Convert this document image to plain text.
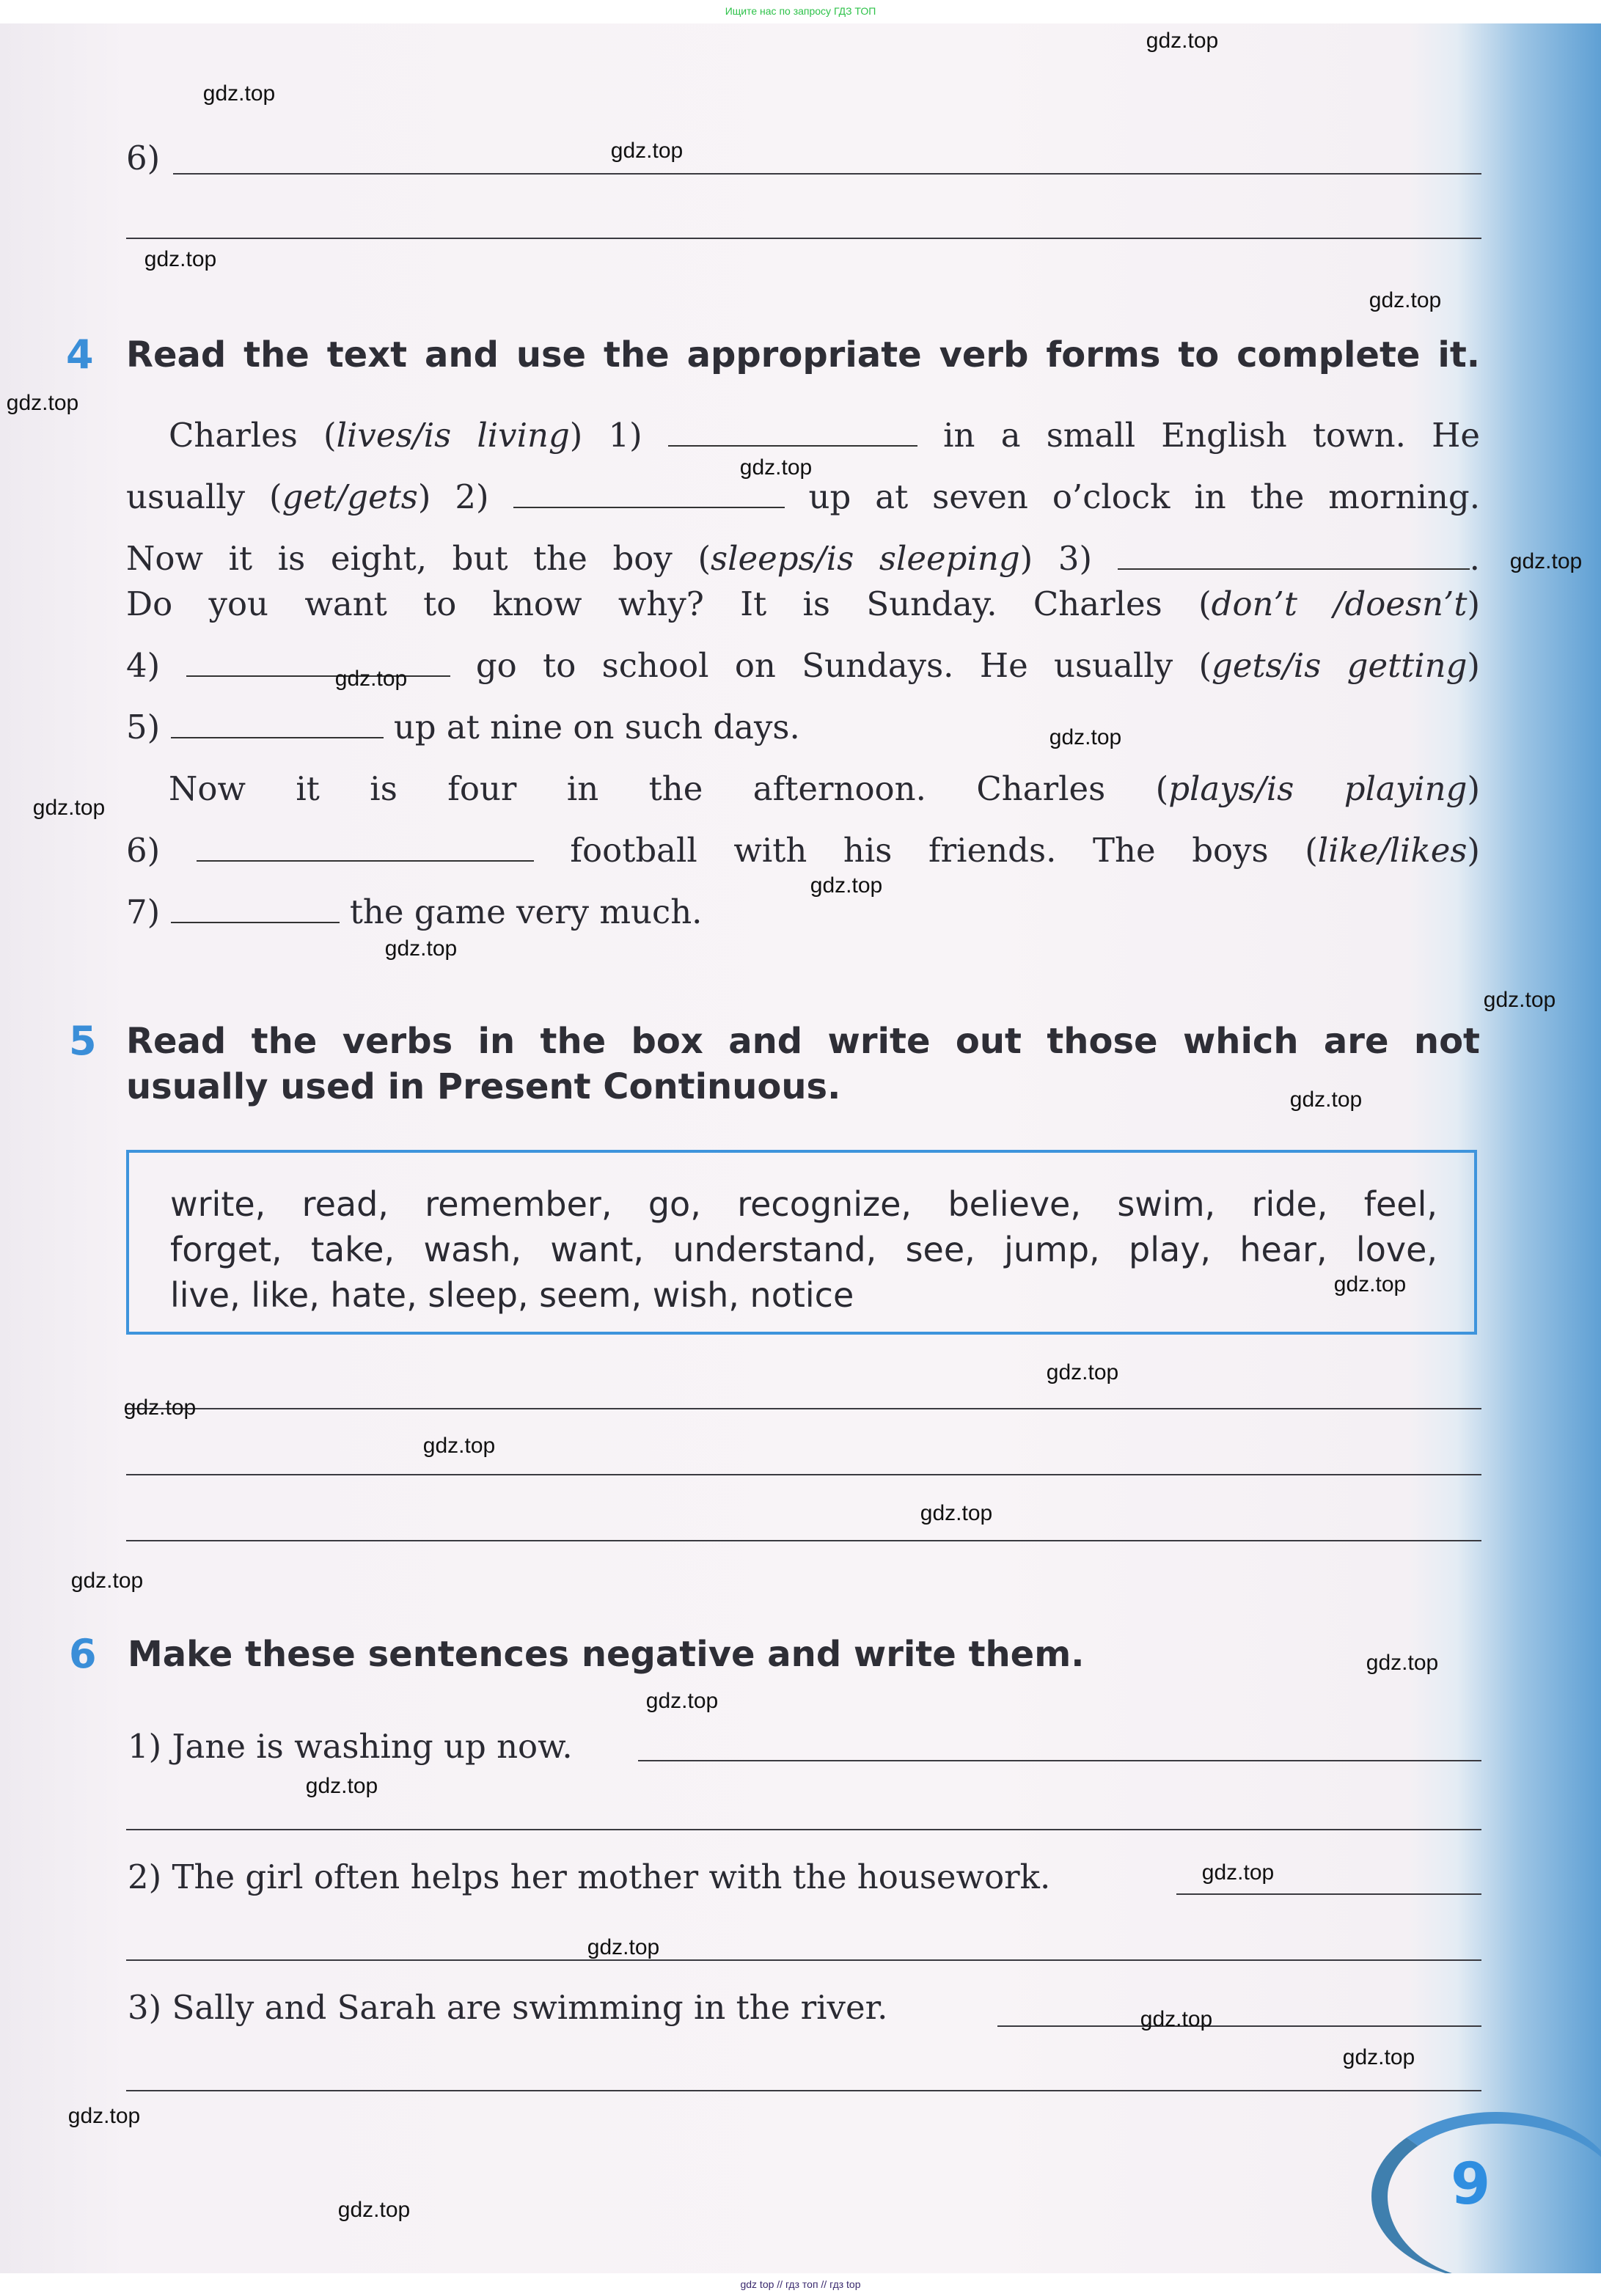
Ищите нас по запросу ГДЗ ТОП
6)
4 Read the text and use the appropriate verb forms to complete it.
Charles (lives/is living) 1)	in a small English town. He
usually (get/gets) 2)	up at seven o’clock in the morning.
Now it is eight, but the boy (sleeps/is sleeping) 3)	.
Do you want to know why? It is Sunday. Charles (don’t /doesn’t)
4)	go to school on Sundays. He usually (gets/is getting)
5)	up at nine on such days.
Now it is four in the afternoon. Charles (plays/is playing)
6)	football with his friends. The boys (like/likes)
7)	the game very much.
5 Read the verbs in the box and write out those which are not
usually used in Present Continuous.
write, read, remember, go, recognize, believe, swim, ride, feel,
forget, take, wash, want, understand, see, jump, play, hear, love,
live, like, hate, sleep, seem, wish, notice
6 Make these sentences negative and write them.
1) Jane is washing up now.
2) The girl often helps her mother with the housework.
3) Sally and Sarah are swimming in the river.
9
gdz.top
gdz.top
gdz.top
gdz.top
gdz.top
gdz.top
gdz.top
gdz.top
gdz.top
gdz.top
gdz.top
gdz.top
gdz.top
gdz.top
gdz.top
gdz.top
gdz.top
gdz.top
gdz.top
gdz.top
gdz.top
gdz.top
gdz.top
gdz.top
gdz.top
gdz.top
gdz.top
gdz.top
gdz.top
gdz.top
gdz top // гдз топ // гдз top
